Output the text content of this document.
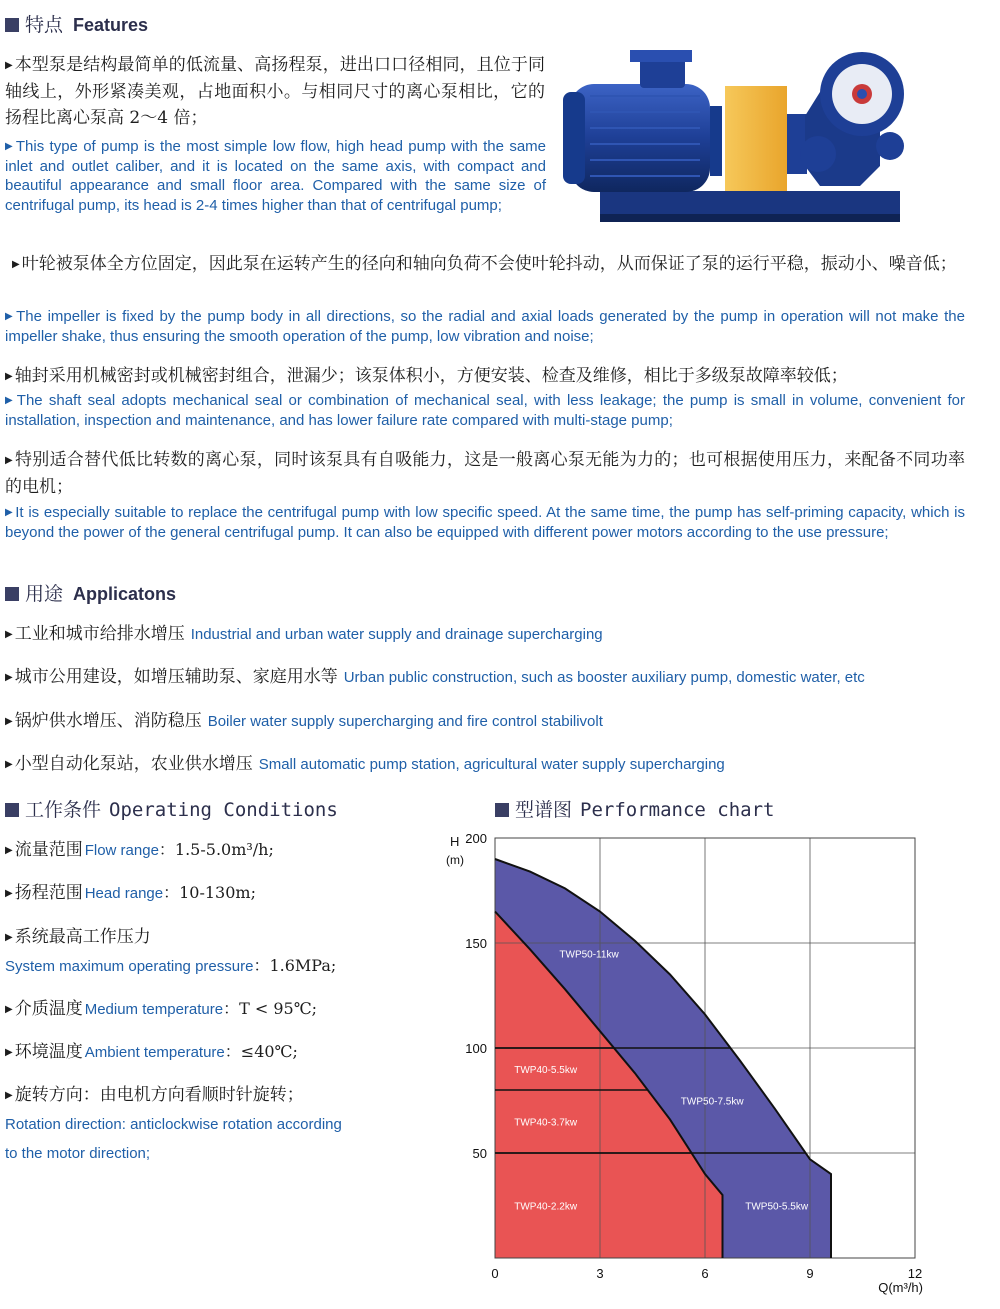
特点 Features
▶ 本型泵是结构最简单的低流量、高扬程泵，进出口口径相同，且位于同轴线上，外形紧凑美观，占地面积小。与相同尺寸的离心泵相比，它的扬程比离心泵高 2～4 倍；
▶ This type of pump is the most simple low flow, high head pump with the same inlet and outlet caliber, and it is located on the same axis, with compact and beautiful appearance and small floor area. Compared with the same size of centrifugal pump, its head is 2-4 times higher than that of centrifugal pump;
▶ 叶轮被泵体全方位固定，因此泵在运转产生的径向和轴向负荷不会使叶轮抖动，从而保证了泵的运行平稳，振动小、噪音低；
▶ The impeller is fixed by the pump body in all directions, so the radial and axial loads generated by the pump in operation will not make the impeller shake, thus ensuring the smooth operation of the pump, low vibration and noise;
▶ 轴封采用机械密封或机械密封组合，泄漏少；该泵体积小，方便安装、检查及维修，相比于多级泵故障率较低；
▶ The shaft seal adopts mechanical seal or combination of mechanical seal, with less leakage; the pump is small in volume, convenient for installation, inspection and maintenance, and has lower failure rate compared with multi-stage pump;
▶ 特别适合替代低比转数的离心泵，同时该泵具有自吸能力，这是一般离心泵无能为力的；也可根据使用压力，来配备不同功率的电机；
▶ It is especially suitable to replace the centrifugal pump with low specific speed. At the same time, the pump has self-priming capacity, which is beyond the power of the general centrifugal pump. It can also be equipped with different power motors according to the use pressure;
用途 Applicatons
▶ 工业和城市给排水增压 Industrial and urban water supply and drainage supercharging
▶ 城市公用建设，如增压辅助泵、家庭用水等 Urban public construction, such as booster auxiliary pump, domestic water, etc
▶ 锅炉供水增压、消防稳压 Boiler water supply supercharging and fire control stabilivolt
▶ 小型自动化泵站，农业供水增压 Small automatic pump station, agricultural water supply supercharging
工作条件 Operating Conditions
▶ 流量范围 Flow range：1.5-5.0m³/h;
▶ 扬程范围 Head range：10-130m;
▶ 系统最高工作压力
System maximum operating pressure：1.6MPa;
▶ 介质温度 Medium temperature：T < 95℃;
▶ 环境温度 Ambient temperature：≤40℃;
▶ 旋转方向：由电机方向看顺时针旋转；
Rotation direction: anticlockwise rotation according
to the motor direction;
型谱图 Performance chart
TWP40-2.2kw
TWP40-3.7kw
TWP40-5.5kw
TWP50-5.5kw
TWP50-7.5kw
TWP50-11kw
50
100
150
200
0	3	6	9	12
H
(m)
Q(m³/h)
